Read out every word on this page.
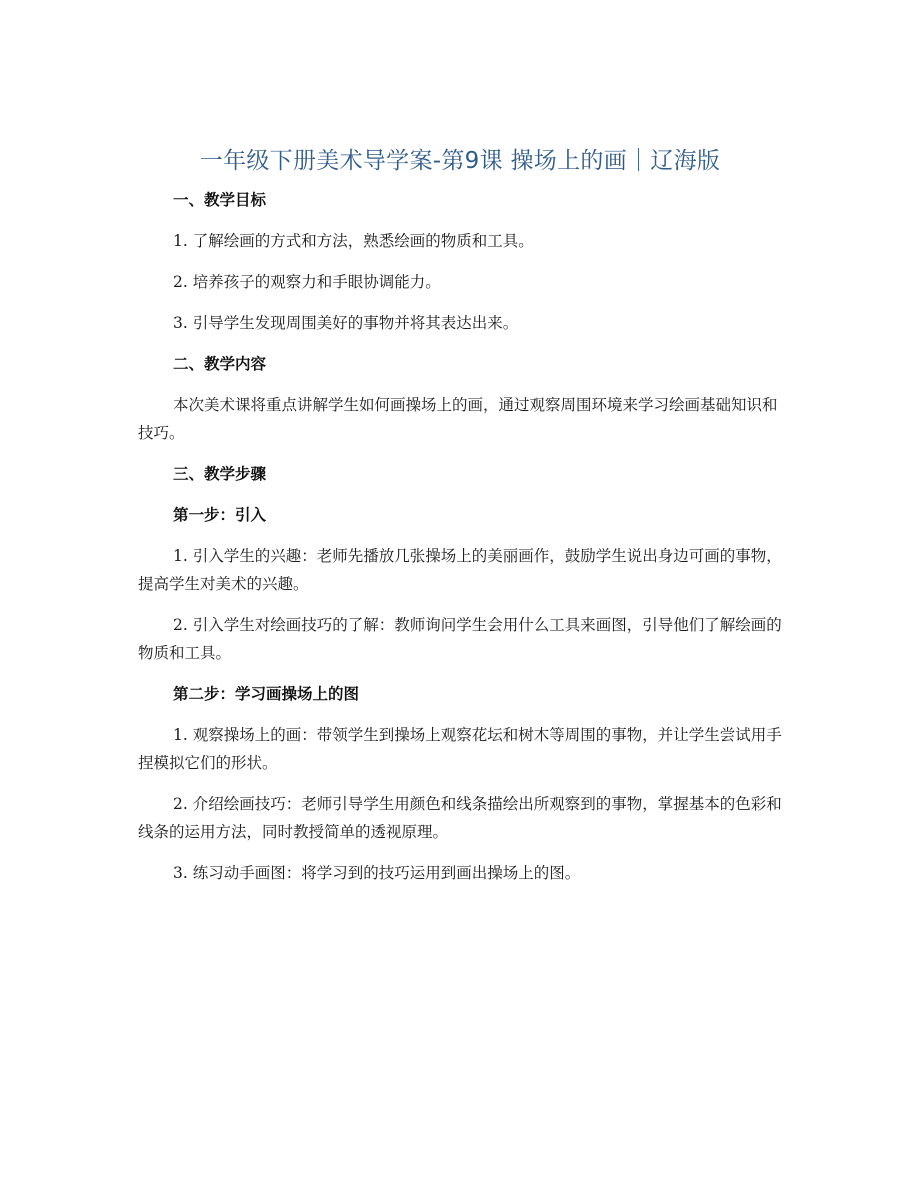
一年级下册美术导学案-第9课 操场上的画｜辽海版

一、教学目标

1. 了解绘画的方式和方法，熟悉绘画的物质和工具。

2. 培养孩子的观察力和手眼协调能力。

3. 引导学生发现周围美好的事物并将其表达出来。

二、教学内容

本次美术课将重点讲解学生如何画操场上的画，通过观察周围环境来学习绘画基础知识和技巧。

三、教学步骤

第一步：引入

1. 引入学生的兴趣：老师先播放几张操场上的美丽画作，鼓励学生说出身边可画的事物，提高学生对美术的兴趣。

2. 引入学生对绘画技巧的了解：教师询问学生会用什么工具来画图，引导他们了解绘画的物质和工具。

第二步：学习画操场上的图

1. 观察操场上的画：带领学生到操场上观察花坛和树木等周围的事物，并让学生尝试用手捏模拟它们的形状。

2. 介绍绘画技巧：老师引导学生用颜色和线条描绘出所观察到的事物，掌握基本的色彩和线条的运用方法，同时教授简单的透视原理。

3. 练习动手画图：将学习到的技巧运用到画出操场上的图。
